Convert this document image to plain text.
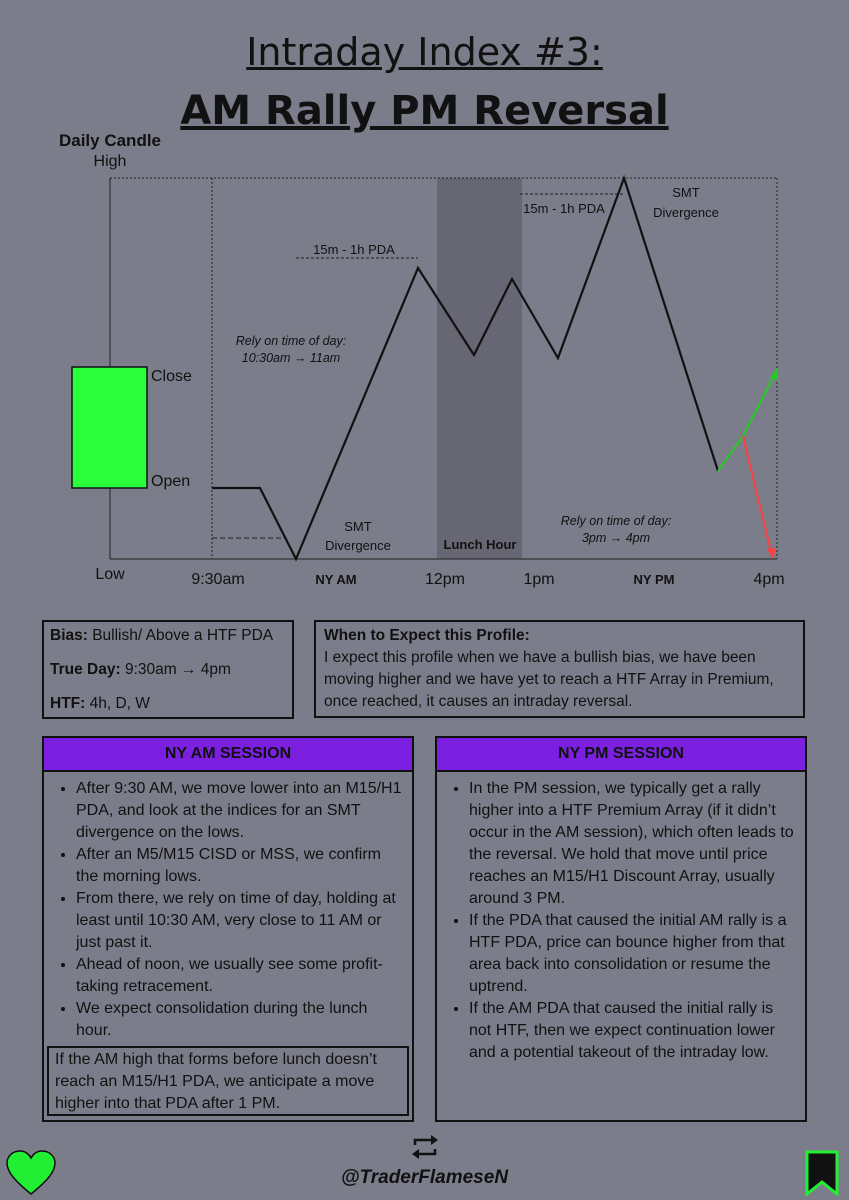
Intraday Index #3:
AM Rally PM Reversal
Daily Candle
High
Close
Open
Low	9:30am	NY AM	12pm	1pm	NY PM	4pm
15m - 1h PDA
15m - 1h PDA
SMT
Divergence
SMT
Divergence
Rely on time of day:
10:30am → 11am
Rely on time of day:
3pm → 4pm
Lunch Hour
Bias: Bullish/ Above a HTF PDA
True Day: 9:30am → 4pm
HTF: 4h, D, W

When to Expect this Profile:

I expect this profile when we have a bullish bias, we have been moving higher and we have yet to reach a HTF Array in Premium, once reached, it causes an intraday reversal.

NY AM SESSION
• After 9:30 AM, we move lower into an M15/H1 PDA, and look at the indices for an SMT divergence on the lows.
• After an M5/M15 CISD or MSS, we confirm the morning lows.
• From there, we rely on time of day, holding at least until 10:30 AM, very close to 11 AM or just past it.
• Ahead of noon, we usually see some profit-taking retracement.
• We expect consolidation during the lunch hour.
If the AM high that forms before lunch doesn’t reach an M15/H1 PDA, we anticipate a move higher into that PDA after 1 PM.
NY PM SESSION
• In the PM session, we typically get a rally higher into a HTF Premium Array (if it didn’t occur in the AM session), which often leads to the reversal. We hold that move until price reaches an M15/H1 Discount Array, usually around 3 PM.
• If the PDA that caused the initial AM rally is a HTF PDA, price can bounce higher from that area back into consolidation or resume the uptrend.
• If the AM PDA that caused the initial rally is not HTF, then we expect continuation lower and a potential takeout of the intraday low.
@TraderFlameseN
